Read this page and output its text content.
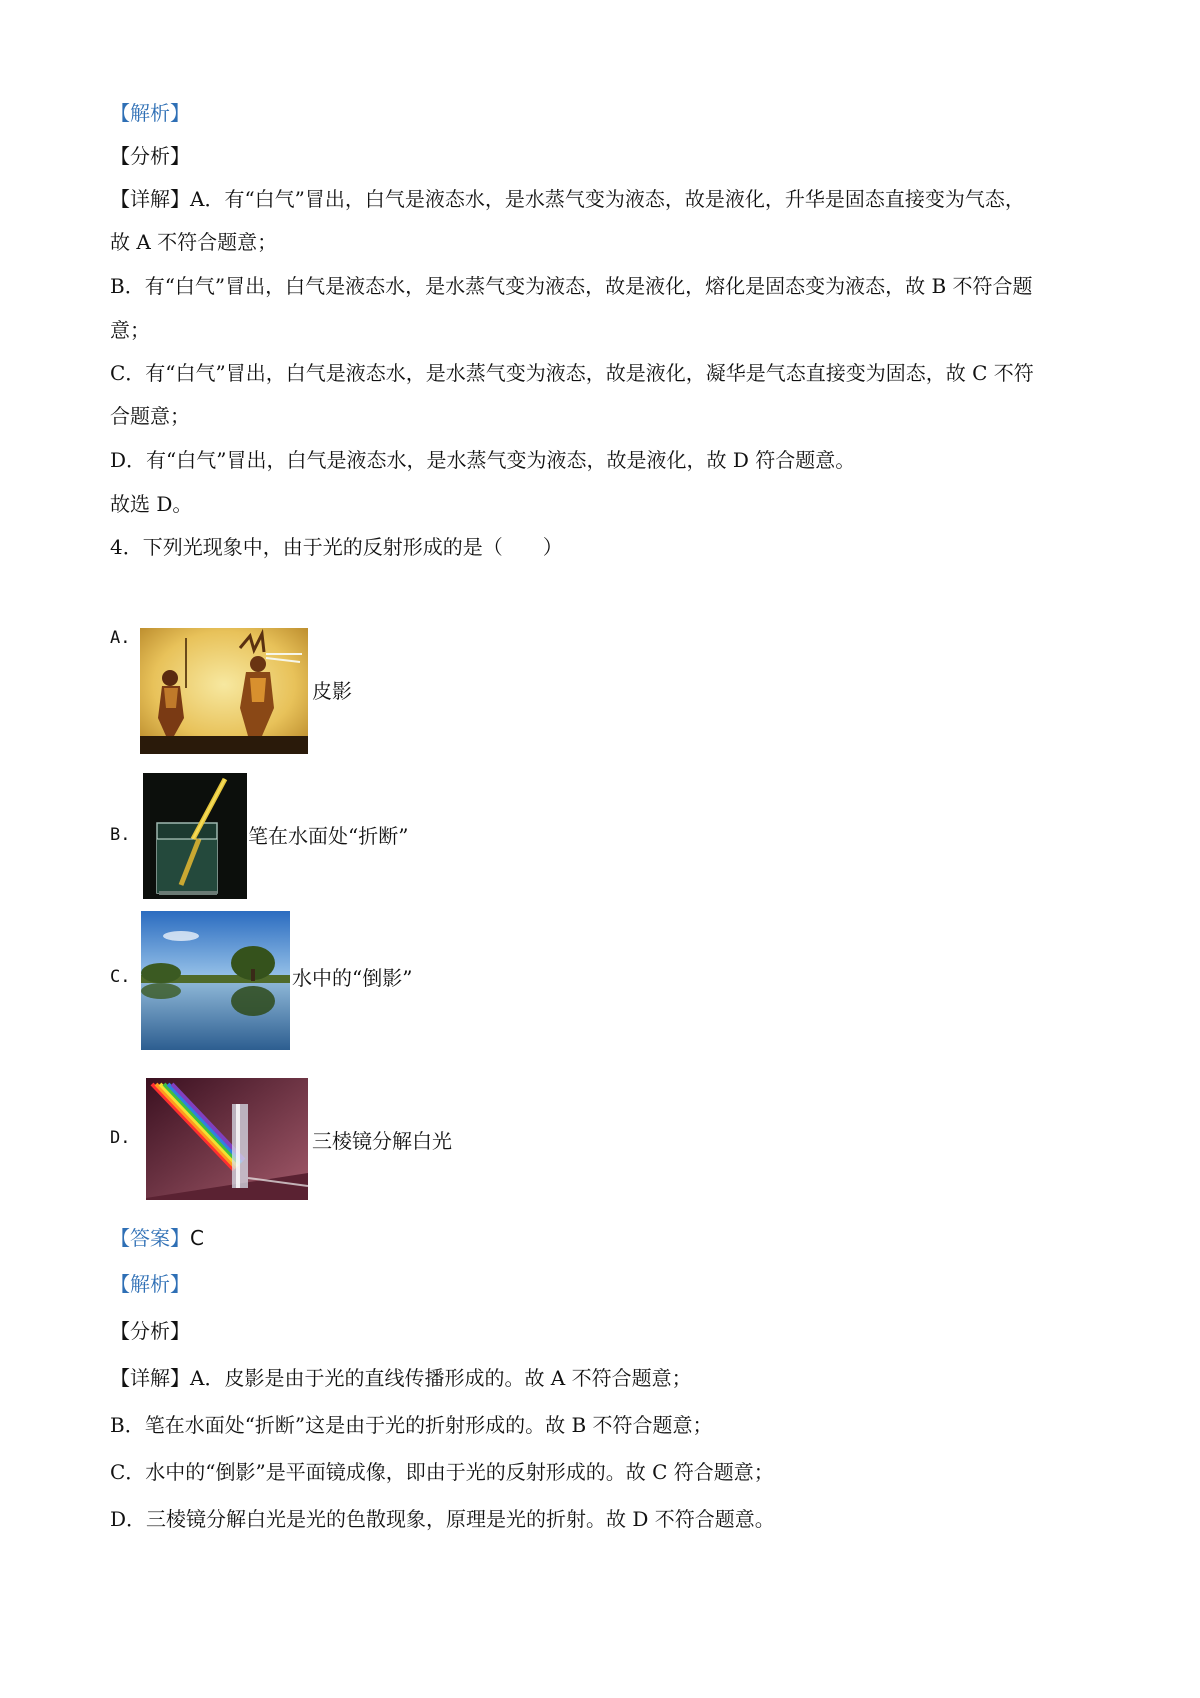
【解析】
【分析】
【详解】A．有“白气”冒出，白气是液态水，是水蒸气变为液态，故是液化，升华是固态直接变为气态，
故 A 不符合题意；
B．有“白气”冒出，白气是液态水，是水蒸气变为液态，故是液化，熔化是固态变为液态，故 B 不符合题
意；
C．有“白气”冒出，白气是液态水，是水蒸气变为液态，故是液化，凝华是气态直接变为固态，故 C 不符
合题意；
D．有“白气”冒出，白气是液态水，是水蒸气变为液态，故是液化，故 D 符合题意。
故选 D。
4．下列光现象中，由于光的反射形成的是（　　）
A.
皮影
B.	笔在水面处“折断”
C.	水中的“倒影”
D.	三棱镜分解白光
【答案】C
【解析】
【分析】
【详解】A．皮影是由于光的直线传播形成的。故 A 不符合题意；
B．笔在水面处“折断”这是由于光的折射形成的。故 B 不符合题意；
C．水中的“倒影”是平面镜成像，即由于光的反射形成的。故 C 符合题意；
D．三棱镜分解白光是光的色散现象，原理是光的折射。故 D 不符合题意。
